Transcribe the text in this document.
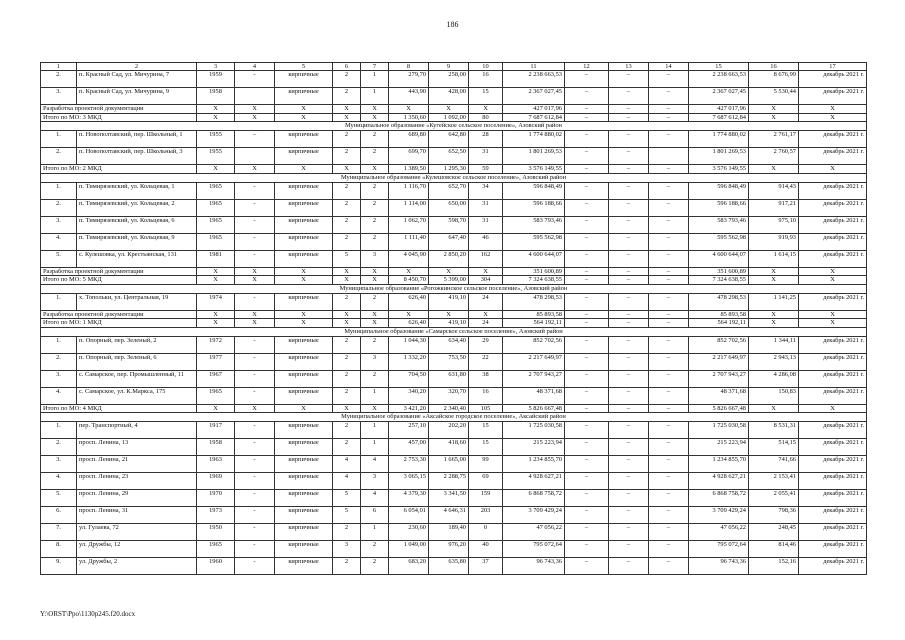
186
1	2	3	4	5	6	7	8	9	10	11	12	13	14	15	16	17
2.	п. Красный Сад, ул. Мичурина, 7	1959	-	кирпичные	2	1	279,70	258,00	16	2 238 663,53	–	–	–	2 238 663,53	8 676,99	декабрь 2021 г.
3.	п. Красный Сад, ул. Мичурина, 9	1958		кирпичные	2	1	443,90	428,00	15	2 367 027,45	–	–	–	2 367 027,45	5 530,44	декабрь 2021 г.
Разработка проектной документации		X	X	X	X	X	X	X	X	427 017,96	–	–	–	427 017,96	X	X
Итого по МО: 3 МКД		X	X	X	X	X	1 350,60	1 092,00	80	7 687 612,84	–	–	–	7 687 612,84	X	X
Муниципальное образование «Кугейское сельское поселение», Азовский район																
1.	п. Новополтавский, пер. Школьный, 1	1955	–	кирпичные	2	2	689,80	642,80	28	1 774 880,02	–	–	–	1 774 880,02	2 761,17	декабрь 2021 г.
2.	п. Новополтавский, пер. Школьный, 3	1955		кирпичные	2	2	699,70	652,50	31	1 801 269,53	–	–		1 801 269,53	2 760,57	декабрь 2021 г.
Итого по МО: 2 МКД		X	X	X	X	X	1 389,50	1 295,30	59	3 576 149,55	–	–	–	3 576 149,55	X	X
Муниципальное образование «Кулешовское сельское поселение», Азовский район																
1.	п. Тимирязевский, ул. Кольцевая, 1	1965	-	кирпичные	2	2	1 116,70	652,70	34	596 848,49	–	–	–	596 848,49	914,43	декабрь 2021 г.
2.	п. Тимирязевский, ул. Кольцевая, 2	1965	-	кирпичные	2	2	1 114,00	650,00	31	596 188,66	–	–	–	596 188,66	917,21	декабрь 2021 г.
3.	п. Тимирязевский, ул. Кольцевая, 6	1965	-	кирпичные	2	2	1 062,70	598,70	31	583 793,46	–	–	–	583 793,46	975,10	декабрь 2021 г.
4.	п. Тимирязевский, ул. Кольцевая, 9	1965	-	кирпичные	2	2	1 111,40	647,40	46	595 562,98	–	–	–	595 562,98	919,93	декабрь 2021 г.
5.	с. Кулешовка, ул. Крестьянская, 131	1981	-	кирпичные	5	3	4 045,90	2 850,20	162	4 600 644,07	–	–	–	4 600 644,07	1 614,15	декабрь 2021 г.
Разработка проектной документации		X	X	X	X	X	X	X	X	351 600,89	–	–	–	351 600,89	X	X
Итого по МО: 5 МКД		X	X	X	X	X	8 450,70	5 399,00	304	7 324 638,55	–	–	–	7 324 638,55	X	X
Муниципальное образование «Рогожкинское сельское поселение», Азовский район																
1.	х. Топольки, ул. Центральная, 19	1974	-	кирпичные	2	2	626,40	419,10	24	478 298,53	–	–	–	478 298,53	1 141,25	декабрь 2021 г.
Разработка проектной документации		X	X	X	X	X	X	X	X	85 893,58	–	–	–	85 893,58	X	X
Итого по МО: 1 МКД		X	X	X	X	X	626,40	419,10	24	564 192,11	–	–	–	564 192,11	X	X
Муниципальное образование «Самарское сельское поселение», Азовский район																
1.	п. Опорный, пер. Зеленый, 2	1972	-	кирпичные	2	2	1 044,30	634,40	29	852 702,56	–	–	–	852 702,56	1 344,11	декабрь 2021 г.
2.	п. Опорный, пер. Зеленый, 6	1977	-	кирпичные	2	3	1 332,20	753,50	22	2 217 649,97	–	–	–	2 217 649,97	2 943,13	декабрь 2021 г.
3.	с. Самарское, пер. Промышленный, 11	1967	-	кирпичные	2	2	704,50	631,80	38	2 707 943,27	–	–	–	2 707 943,27	4 286,08	декабрь 2021 г.
4.	с. Самарское, ул. К.Маркса, 175	1965	-	кирпичные	2	1	340,20	320,70	16	48 371,68	–	–	–	48 371,68	150,83	декабрь 2021 г.
Итого по МО: 4 МКД		X	X	X	X	X	3 421,20	2 340,40	105	5 826 667,48	–	–	–	5 826 667,48	X	X
Муниципальное образование «Аксайское городское поселение», Аксайский район																
1.	пер. Транспортный, 4	1917	-	кирпичные	2	1	257,10	202,20	15	1 725 030,58	–	–	–	1 725 030,58	8 531,31	декабрь 2021 г.
2.	просп. Ленина, 13	1958	-	кирпичные	2	1	457,00	418,60	15	215 223,94	–	–	–	215 223,94	514,15	декабрь 2021 г.
3.	просп. Ленина, 21	1963	-	кирпичные	4	4	2 753,30	1 665,00	99	1 234 855,70	–	–	–	1 234 855,70	741,66	декабрь 2021 г.
4.	просп. Ленина, 23	1969	-	кирпичные	4	3	3 065,15	2 288,75	69	4 928 627,21	–	–	–	4 928 627,21	2 153,41	декабрь 2021 г.
5.	просп. Ленина, 29	1970	-	кирпичные	5	4	4 379,30	3 341,50	159	6 868 758,72	–	–	–	6 868 758,72	2 055,41	декабрь 2021 г.
6.	просп. Ленина, 31	1973	-	кирпичные	5	6	6 054,01	4 646,31	203	3 709 429,24	–	–	–	3 709 429,24	798,36	декабрь 2021 г.
7.	ул. Гулаева, 72	1950	-	кирпичные	2	1	230,60	189,40	0	47 056,22	–	–	–	47 056,22	248,45	декабрь 2021 г.
8.	ул. Дружбы, 12	1965	-	кирпичные	3	2	1 049,00	976,20	40	795 072,64	–	–	–	795 072,64	814,46	декабрь 2021 г.
9.	ул. Дружбы, 2	1960	-	кирпичные	2	2	683,20	635,80	37	96 743,36	–	–	–	96 743,36	152,16	декабрь 2021 г.
Y:\ORST\Ppo\1130p245.f20.docx
